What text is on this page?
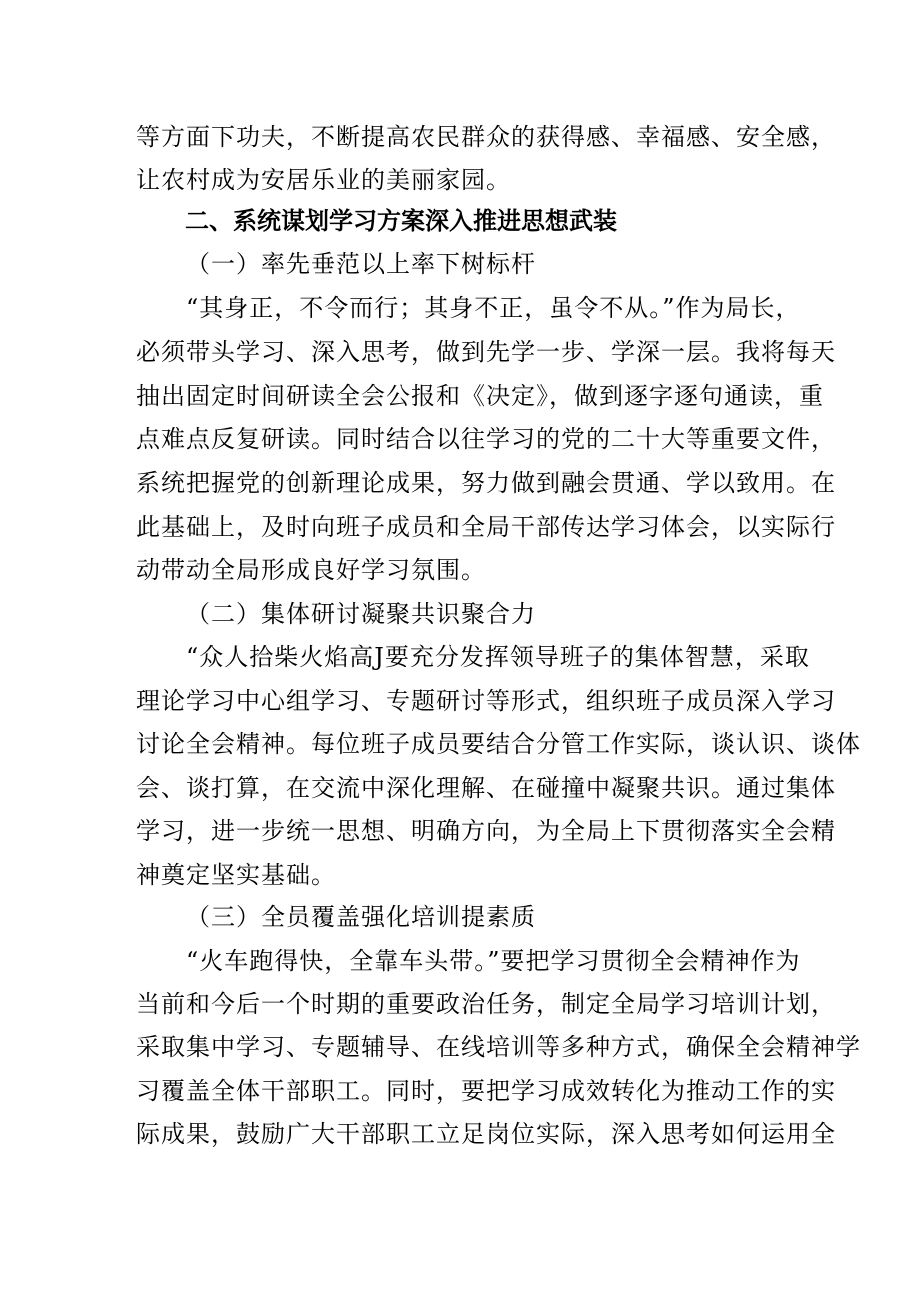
等方面下功夫，不断提高农民群众的获得感、幸福感、安全感，
让农村成为安居乐业的美丽家园。
二、系统谋划学习方案深入推进思想武装
（一）率先垂范以上率下树标杆
“其身正，不令而行；其身不正，虽令不从。”作为局长，
必须带头学习、深入思考，做到先学一步、学深一层。我将每天
抽出固定时间研读全会公报和《决定》，做到逐字逐句通读，重
点难点反复研读。同时结合以往学习的党的二十大等重要文件，
系统把握党的创新理论成果，努力做到融会贯通、学以致用。在
此基础上，及时向班子成员和全局干部传达学习体会，以实际行
动带动全局形成良好学习氛围。
（二）集体研讨凝聚共识聚合力
“众人拾柴火焰高J要充分发挥领导班子的集体智慧，采取
理论学习中心组学习、专题研讨等形式，组织班子成员深入学习
讨论全会精神。每位班子成员要结合分管工作实际，谈认识、谈体
会、谈打算，在交流中深化理解、在碰撞中凝聚共识。通过集体
学习，进一步统一思想、明确方向，为全局上下贯彻落实全会精
神奠定坚实基础。
（三）全员覆盖强化培训提素质
“火车跑得快，全靠车头带。”要把学习贯彻全会精神作为
当前和今后一个时期的重要政治任务，制定全局学习培训计划，
采取集中学习、专题辅导、在线培训等多种方式，确保全会精神学
习覆盖全体干部职工。同时，要把学习成效转化为推动工作的实
际成果，鼓励广大干部职工立足岗位实际，深入思考如何运用全
